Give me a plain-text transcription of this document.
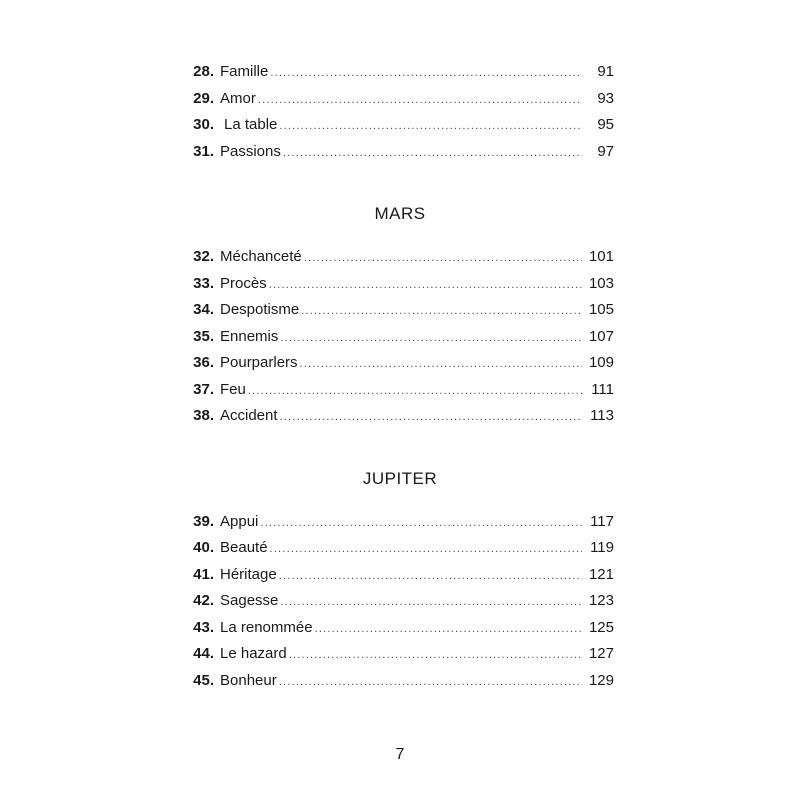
28. Famille .....	91
29. Amor .....	93
30. La table .....	95
31. Passions .....	97
MARS
32. Méchanceté .....	101
33. Procès .....	103
34. Despotisme .....	105
35. Ennemis .....	107
36. Pourparlers .....	109
37. Feu .....	111
38. Accident .....	113
JUPITER
39. Appui .....	117
40. Beauté .....	119
41. Héritage .....	121
42. Sagesse .....	123
43. La renommée .....	125
44. Le hazard .....	127
45. Bonheur .....	129
7
